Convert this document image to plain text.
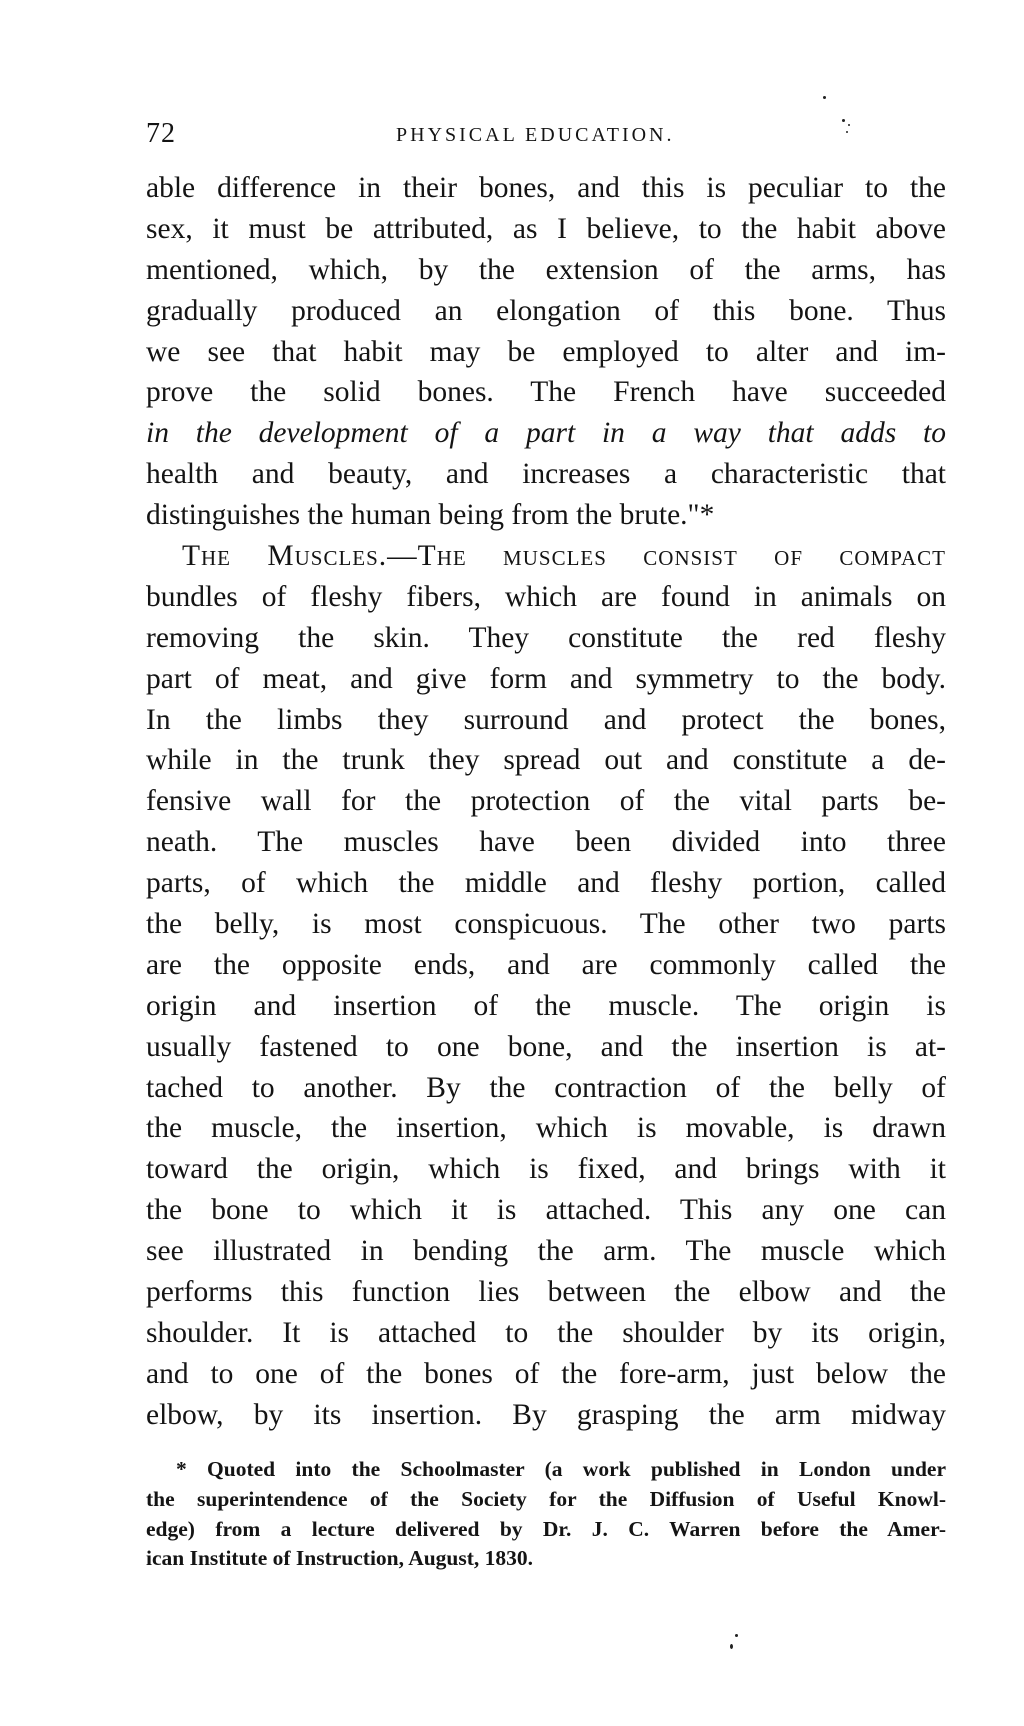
72	PHYSICAL EDUCATION.
able difference in their bones, and this is peculiar to the
sex, it must be attributed, as I believe, to the habit above
mentioned, which, by the extension of the arms, has
gradually produced an elongation of this bone. Thus
we see that habit may be employed to alter and im-
prove the solid bones. The French have succeeded
in the development of a part in a way that adds to
health and beauty, and increases a characteristic that
distinguishes the human being from the brute."*
The Muscles.—The muscles consist of compact
bundles of fleshy fibers, which are found in animals on
removing the skin. They constitute the red fleshy
part of meat, and give form and symmetry to the body.
In the limbs they surround and protect the bones,
while in the trunk they spread out and constitute a de-
fensive wall for the protection of the vital parts be-
neath. The muscles have been divided into three
parts, of which the middle and fleshy portion, called
the belly, is most conspicuous. The other two parts
are the opposite ends, and are commonly called the
origin and insertion of the muscle. The origin is
usually fastened to one bone, and the insertion is at-
tached to another. By the contraction of the belly of
the muscle, the insertion, which is movable, is drawn
toward the origin, which is fixed, and brings with it
the bone to which it is attached. This any one can
see illustrated in bending the arm. The muscle which
performs this function lies between the elbow and the
shoulder. It is attached to the shoulder by its origin,
and to one of the bones of the fore-arm, just below the
elbow, by its insertion. By grasping the arm midway
* Quoted into the Schoolmaster (a work published in London under
the superintendence of the Society for the Diffusion of Useful Knowl-
edge) from a lecture delivered by Dr. J. C. Warren before the Amer-
ican Institute of Instruction, August, 1830.
